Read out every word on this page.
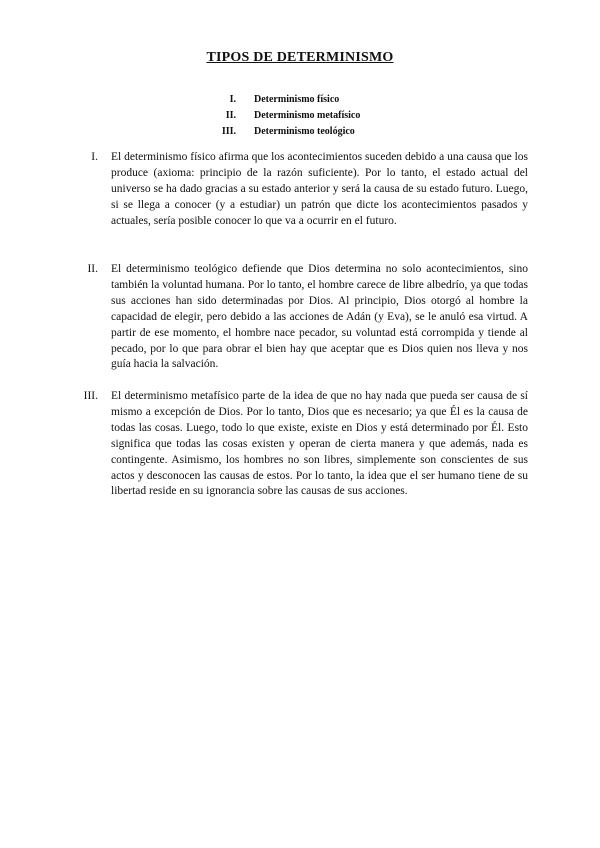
TIPOS DE DETERMINISMO
I. Determinismo físico
II. Determinismo metafísico
III. Determinismo teológico
I. El determinismo físico afirma que los acontecimientos suceden debido a una causa que los produce (axioma: principio de la razón suficiente). Por lo tanto, el estado actual del universo se ha dado gracias a su estado anterior y será la causa de su estado futuro. Luego, si se llega a conocer (y a estudiar) un patrón que dicte los acontecimientos pasados y actuales, sería posible conocer lo que va a ocurrir en el futuro.
II. El determinismo teológico defiende que Dios determina no solo acontecimientos, sino también la voluntad humana. Por lo tanto, el hombre carece de libre albedrío, ya que todas sus acciones han sido determinadas por Dios. Al principio, Dios otorgó al hombre la capacidad de elegir, pero debido a las acciones de Adán (y Eva), se le anuló esa virtud. A partir de ese momento, el hombre nace pecador, su voluntad está corrompida y tiende al pecado, por lo que para obrar el bien hay que aceptar que es Dios quien nos lleva y nos guía hacia la salvación.
III. El determinismo metafísico parte de la idea de que no hay nada que pueda ser causa de sí mismo a excepción de Dios. Por lo tanto, Dios que es necesario; ya que Él es la causa de todas las cosas. Luego, todo lo que existe, existe en Dios y está determinado por Él. Esto significa que todas las cosas existen y operan de cierta manera y que además, nada es contingente. Asimismo, los hombres no son libres, simplemente son conscientes de sus actos y desconocen las causas de estos. Por lo tanto, la idea que el ser humano tiene de su libertad reside en su ignorancia sobre las causas de sus acciones.
